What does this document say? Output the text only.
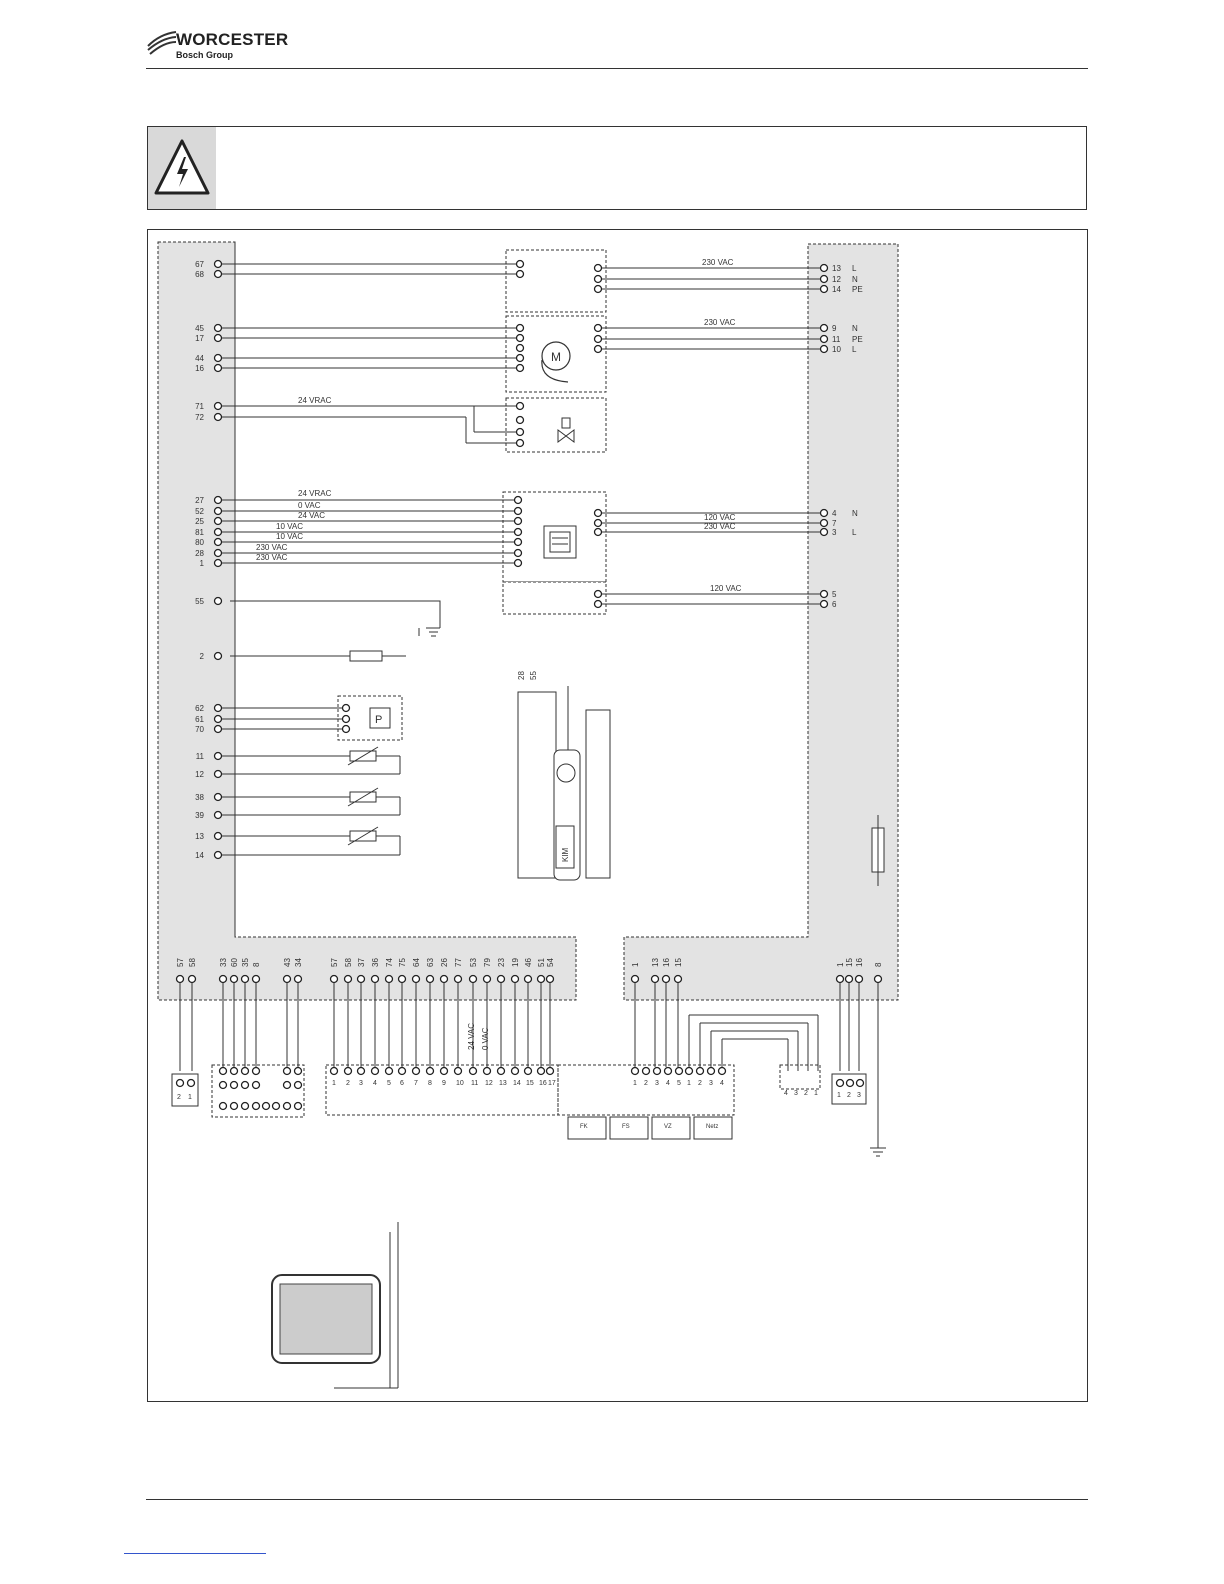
WORCESTER
Bosch Group
M
P
67
68
45
17
44
16
71
72
27
52
25
81
80
28
1
55
2
62
61
70
11
12
38
39
13
14
24 VRAC
24 VRAC
0 VAC
24 VAC
10 VAC
10 VAC
230 VAC
230 VAC
13 L
12 N
14 PE
9 N
11 PE
10 L
4 N
7
3 L
5
6
230 VAC
230 VAC
120 VAC
230 VAC
120 VAC
28 55
KIM
57 58	33 60 35 8	43 34	57 58 37 36 74 75 64 63 26 77 53 79 23 19 46 51 54	1 13 16 15	1 15 16 8
2 1
24 VAC 0 VAC
1 2 3 4 5 6 7 8 9 10 11 12 13 14 15 16 17	1 2 3 4 5 1 2 3 4
4 3 2 1	1 2 3
FK	FS	VZ	Netz
